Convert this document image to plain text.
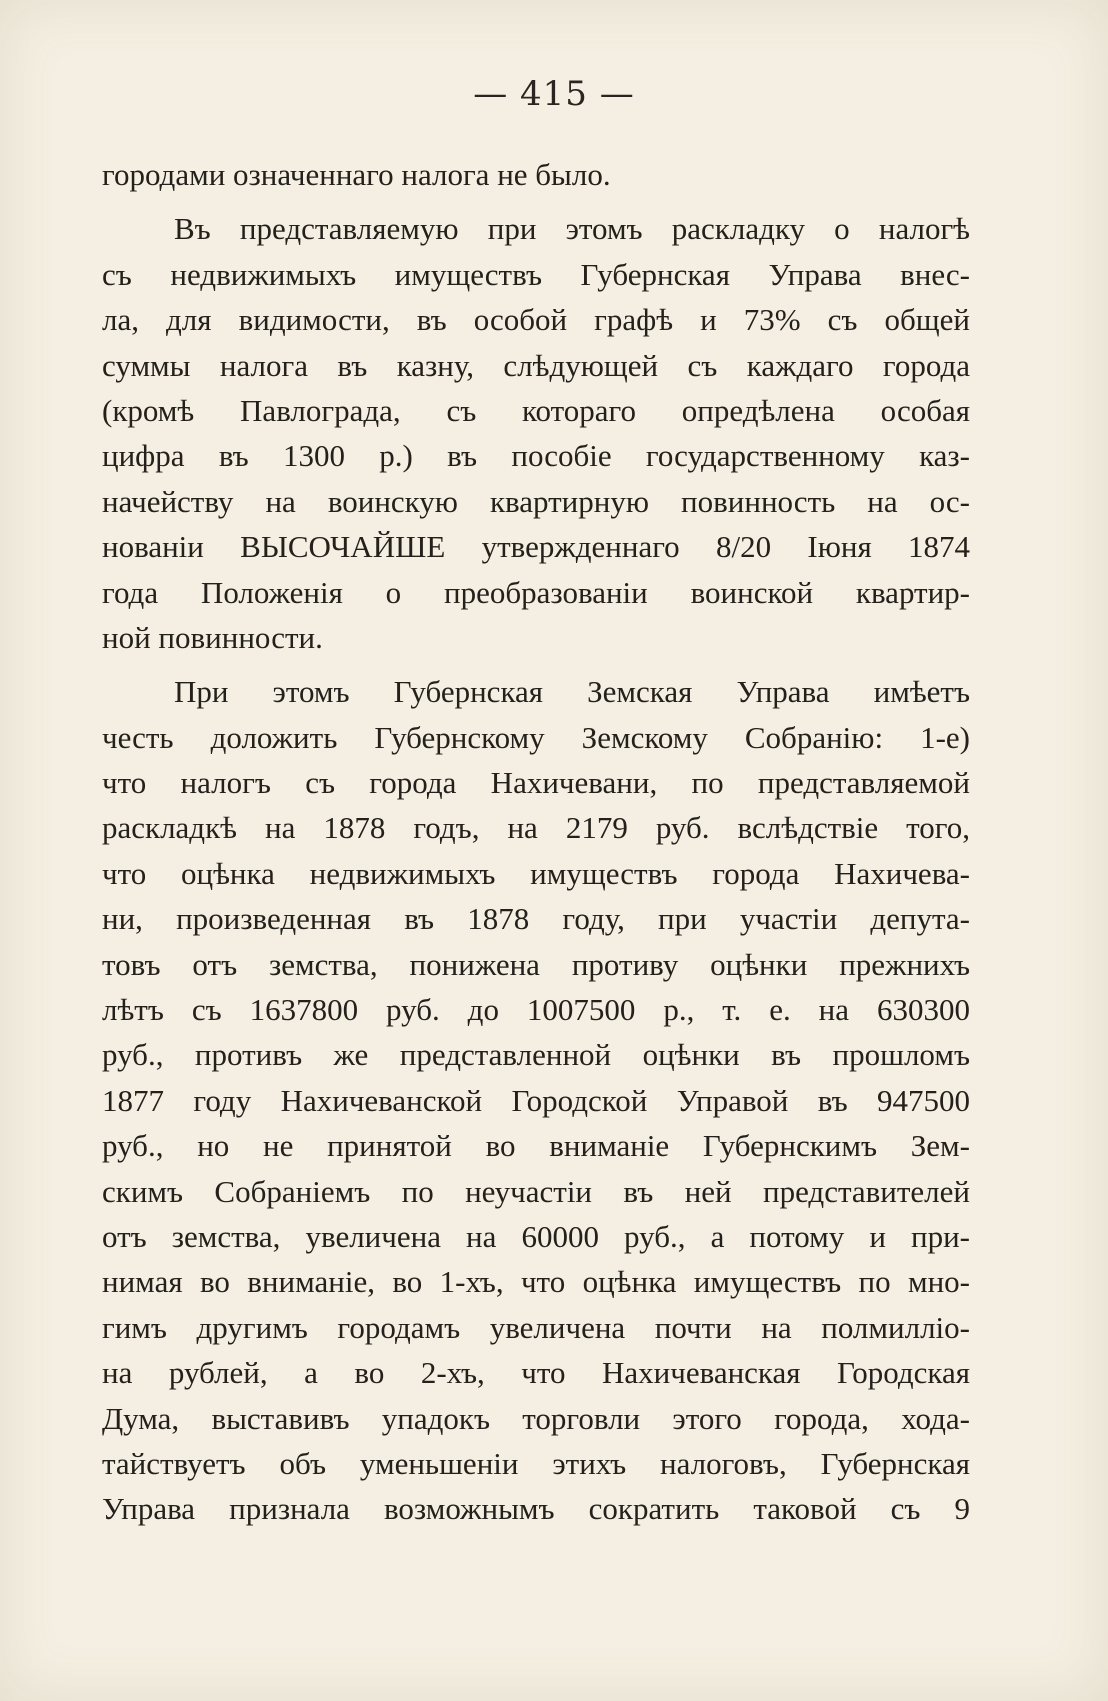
— 415 —
городами означеннаго налога не было.
Въ представляемую при этомъ раскладку о налогѣ
съ недвижимыхъ имуществъ Губернская Управа внес-
ла, для видимости, въ особой графѣ и 73% съ общей
суммы налога въ казну, слѣдующей съ каждаго города
(кромѣ Павлограда, съ котораго опредѣлена особая
цифра въ 1300 р.) въ пособіе государственному каз-
начейству на воинскую квартирную повинность на ос-
нованіи ВЫСОЧАЙШЕ утвержденнаго 8/20 Іюня 1874
года Положенія о преобразованіи воинской квартир-
ной повинности.
При этомъ Губернская Земская Управа имѣетъ
честь доложить Губернскому Земскому Собранію: 1-е)
что налогъ съ города Нахичевани, по представляемой
раскладкѣ на 1878 годъ, на 2179 руб. вслѣдствіе того,
что оцѣнка недвижимыхъ имуществъ города Нахичева-
ни, произведенная въ 1878 году, при участіи депута-
товъ отъ земства, понижена противу оцѣнки прежнихъ
лѣтъ съ 1637800 руб. до 1007500 р., т. е. на 630300
руб., противъ же представленной оцѣнки въ прошломъ
1877 году Нахичеванской Городской Управой въ 947500
руб., но не принятой во вниманіе Губернскимъ Зем-
скимъ Собраніемъ по неучастіи въ ней представителей
отъ земства, увеличена на 60000 руб., а потому и при-
нимая во вниманіе, во 1-хъ, что оцѣнка имуществъ по мно-
гимъ другимъ городамъ увеличена почти на полмилліо-
на рублей, а во 2-хъ, что Нахичеванская Городская
Дума, выставивъ упадокъ торговли этого города, хода-
тайствуетъ объ уменьшеніи этихъ налоговъ, Губернская
Управа признала возможнымъ сократить таковой съ 9
